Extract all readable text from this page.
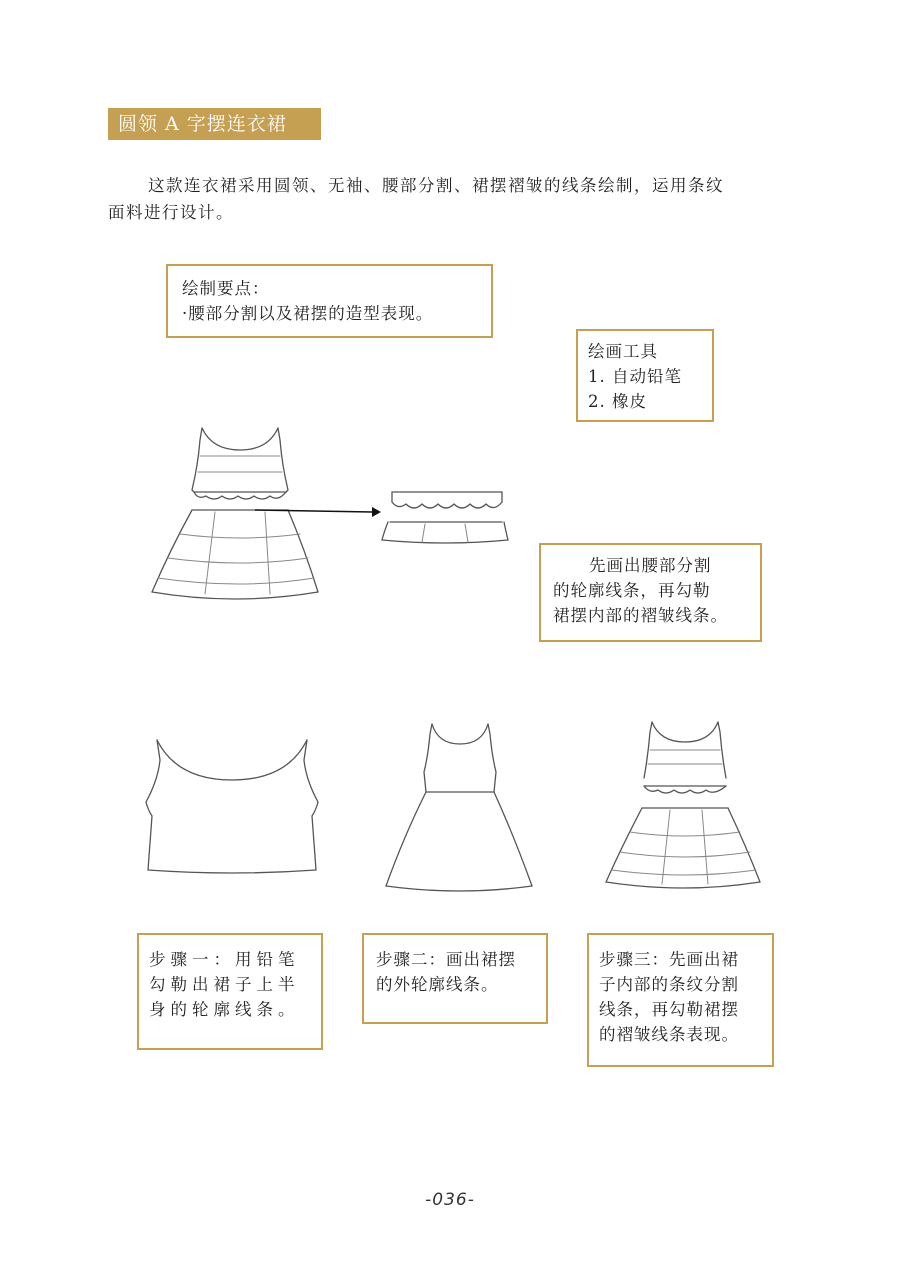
圆领 A 字摆连衣裙
这款连衣裙采用圆领、无袖、腰部分割、裙摆褶皱的线条绘制，运用条纹
面料进行设计。
绘制要点：
·腰部分割以及裙摆的造型表现。
绘画工具
1. 自动铅笔
2. 橡皮
先画出腰部分割
的轮廓线条，再勾勒
裙摆内部的褶皱线条。
步骤一：用铅笔
勾勒出裙子上半
身的轮廓线条。
步骤二：画出裙摆
的外轮廓线条。
步骤三：先画出裙
子内部的条纹分割
线条，再勾勒裙摆
的褶皱线条表现。
-036-
